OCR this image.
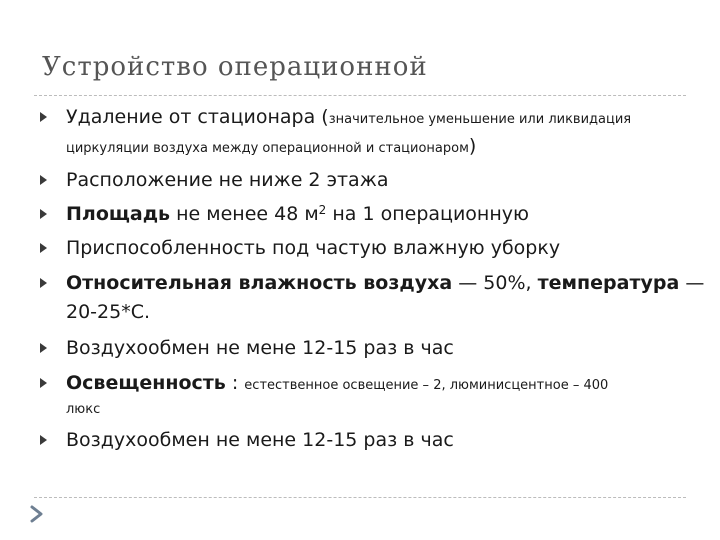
Устройство операционной
Удаление от стационара (значительное уменьшение или ликвидация
циркуляции воздуха между операционной и стационаром)
Расположение не ниже 2 этажа
Площадь не менее 48 $м^2$ на 1 операционную
Приспособленность под частую влажную уборку
Относительная влажность воздуха — 50%, температура —
20-25*С.
Воздухообмен не мене 12-15 раз в час
Освещенность : естественное освещение – 2, люминисцентное – 400
люкс
Воздухообмен не мене 12-15 раз в час
